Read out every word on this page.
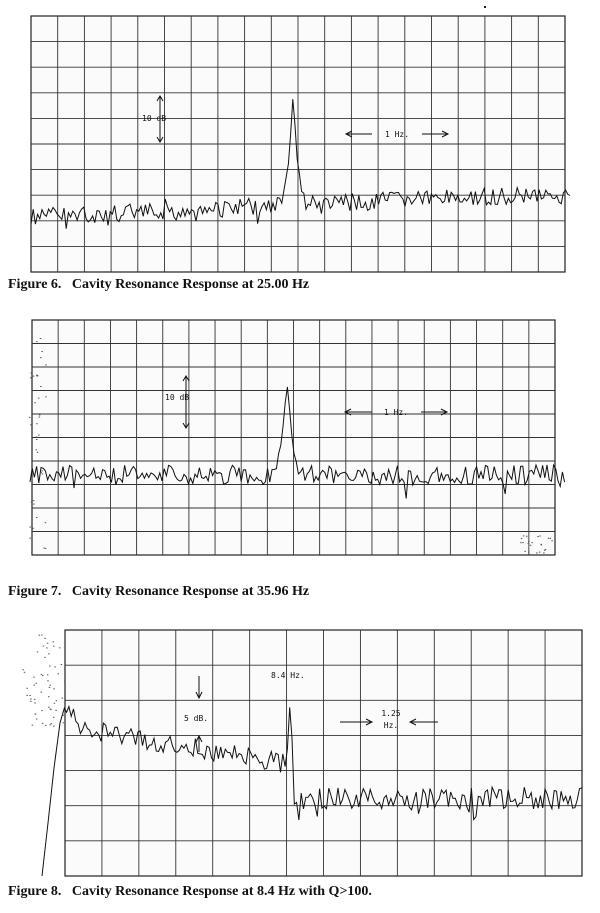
10 dB
1 Hz.
Figure 6.   Cavity Resonance Response at 25.00 Hz
10 dB
1 Hz.
Figure 7.   Cavity Resonance Response at 35.96 Hz
5 dB.
8.4 Hz.
1.25
Hz.
Figure 8.   Cavity Resonance Response at 8.4 Hz with Q>100.
